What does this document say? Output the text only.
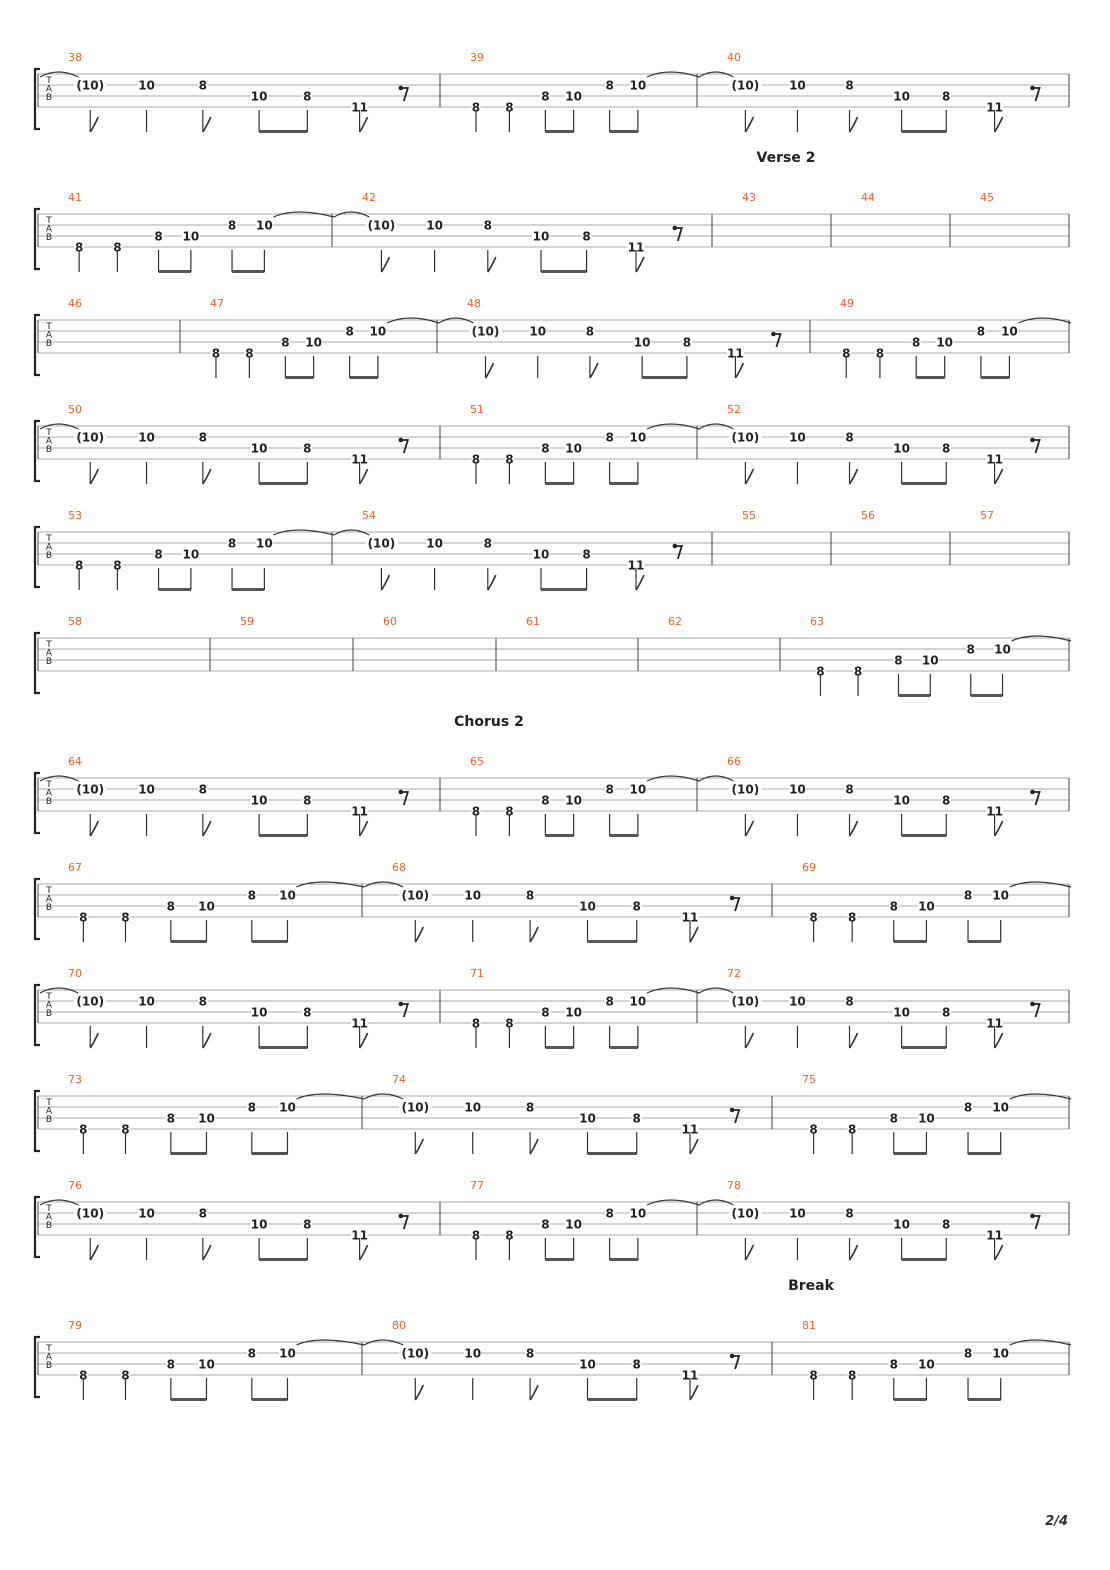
T
A
B
38
(10)	10	8
10	8
11
39
8 8
8 10
8 10
40
(10) 10	8
10	8
11
Verse 2
T
A
B
41
8 8
8 10
8 10
42
(10)	10	8
10	8
11
43	44	45
T
A
B
46	47
8 8
8 10
8 10
48
(10)	10	8
10	8
11
49
8 8
8 10
8 10
T
A
B
50
(10)	10	8
10	8
11
51
8 8
8 10
8 10
52
(10) 10	8
10	8
11
T
A
B
53
8 8
8 10
8 10
54
(10)	10	8
10	8
11
55	56	57
T
A
B
58	59	60	61	62	63
8 8
8 10
8 10
Chorus 2
T
A
B
64
(10)	10	8
10	8
11
65
8 8
8 10
8 10
66
(10) 10	8
10	8
11
T
A
B
67
8	8
8 10
8 10
68
(10)	10	8
10	8
11
69
8	8
8 10
8 10
T
A
B
70
(10)	10	8
10	8
11
71
8 8
8 10
8 10
72
(10) 10	8
10	8
11
T
A
B
73
8	8
8 10
8 10
74
(10)	10	8
10	8
11
75
8	8
8 10
8 10
T
A
B
76
(10)	10	8
10	8
11
77
8 8
8 10
8 10
78
(10) 10	8
10	8
11
Break
T
A
B
79
8	8
8 10
8 10
80
(10)	10	8
10	8
11
81
8	8
8 10
8 10
2/4
